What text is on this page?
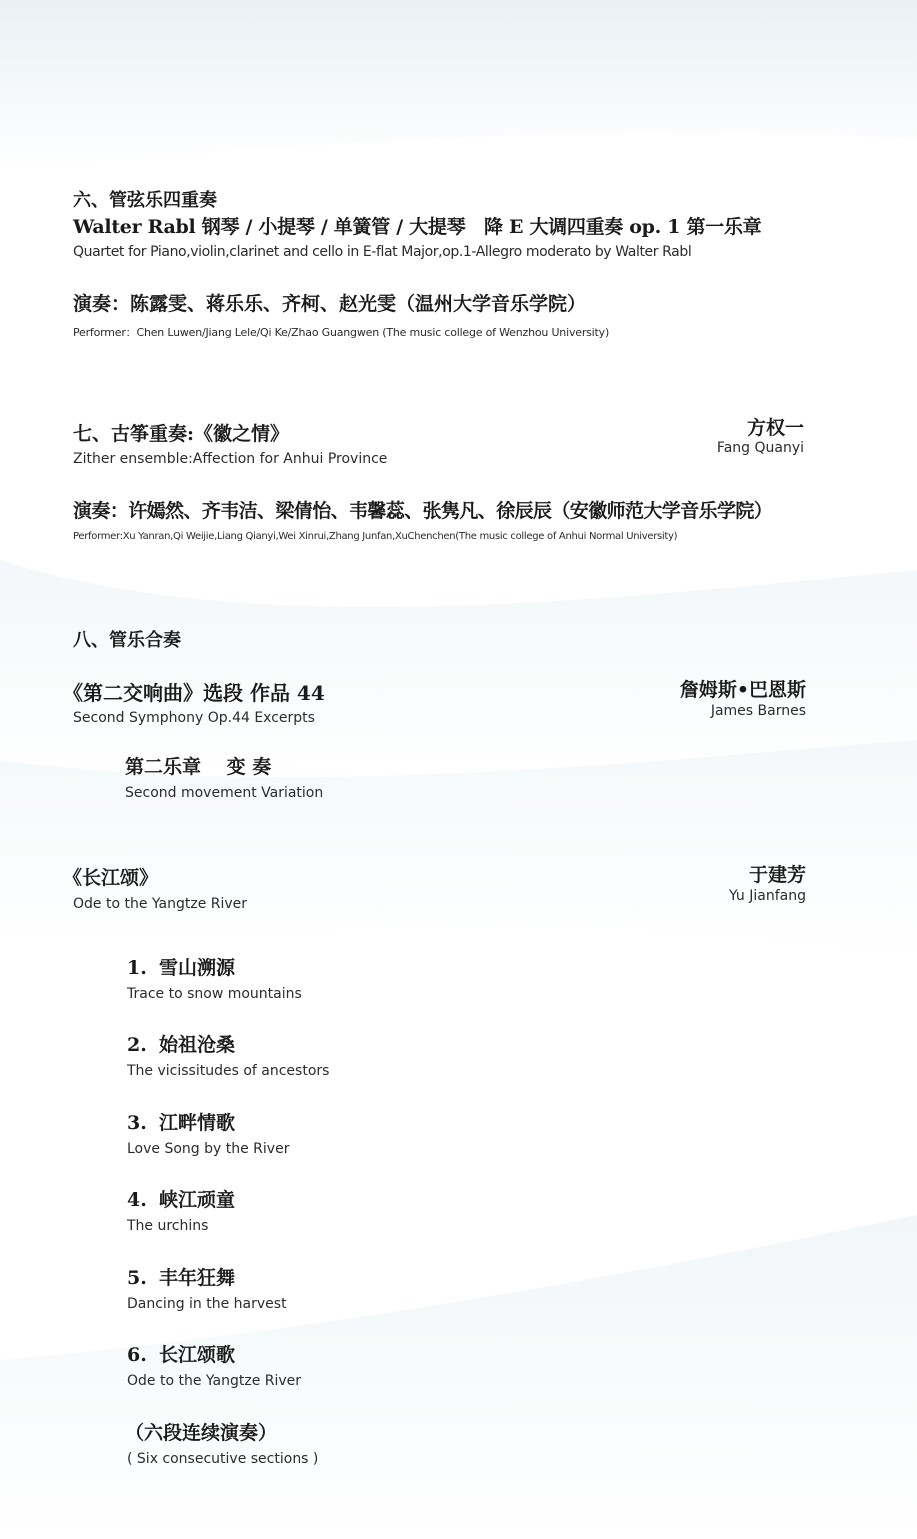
六、管弦乐四重奏
Walter Rabl 钢琴 / 小提琴 / 单簧管 / 大提琴　降 E 大调四重奏 op. 1 第一乐章
Quartet for Piano,violin,clarinet and cello in E-flat Major,op.1-Allegro moderato by Walter Rabl
演奏：陈露雯、蒋乐乐、齐柯、赵光雯（温州大学音乐学院）
Performer：Chen Luwen/Jiang Lele/Qi Ke/Zhao Guangwen (The music college of Wenzhou University)
七、古筝重奏:《徽之情》
Zither ensemble:Affection for Anhui Province
方权一
Fang Quanyi
演奏：许嫣然、齐韦洁、梁倩怡、韦馨蕊、张隽凡、徐辰辰（安徽师范大学音乐学院）
Performer:Xu Yanran,Qi Weijie,Liang Qianyi,Wei Xinrui,Zhang Junfan,XuChenchen(The music college of Anhui Normal University)
八、管乐合奏
《第二交响曲》选段 作品 44
Second Symphony Op.44 Excerpts
詹姆斯•巴恩斯
James Barnes
第二乐章　 变 奏
Second movement Variation
《长江颂》
Ode to the Yangtze River
于建芳
Yu Jianfang
1. 雪山溯源
Trace to snow mountains
2. 始祖沧桑
The vicissitudes of ancestors
3. 江畔情歌
Love Song by the River
4. 峡江顽童
The urchins
5. 丰年狂舞
Dancing in the harvest
6. 长江颂歌
Ode to the Yangtze River
（六段连续演奏）
( Six consecutive sections )
